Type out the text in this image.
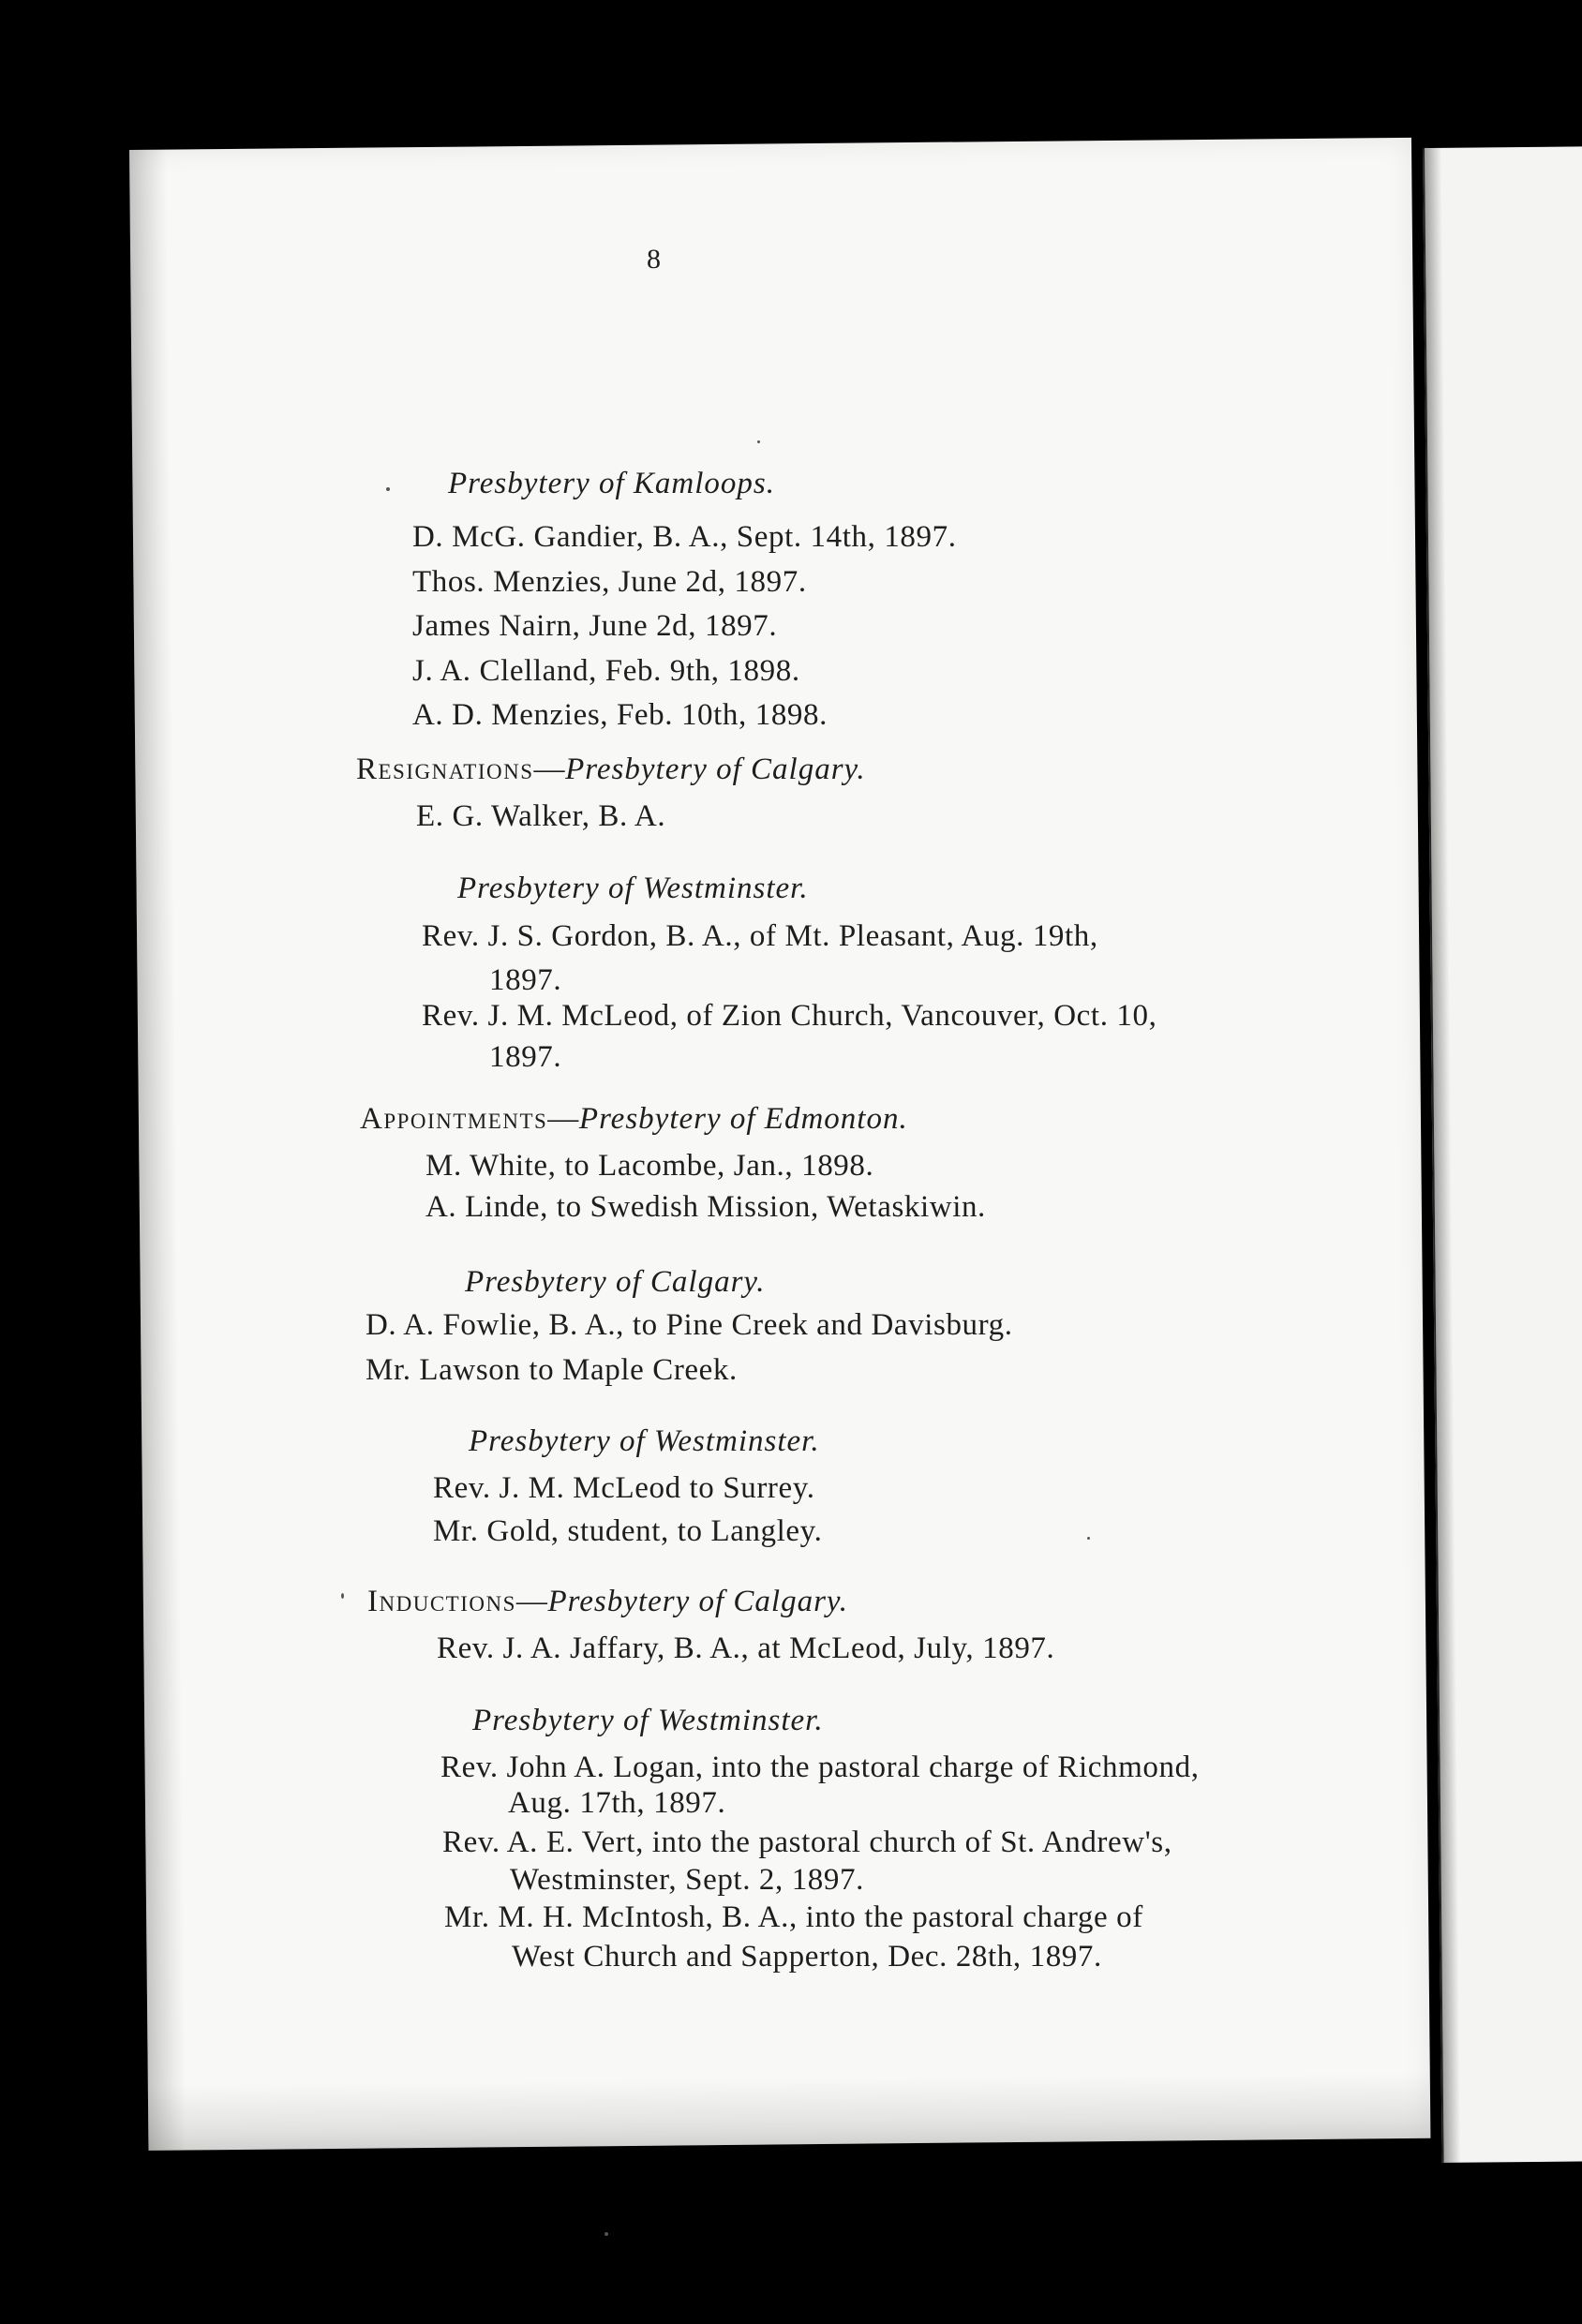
8
Presbytery of Kamloops.
D. McG. Gandier, B. A., Sept. 14th, 1897.
Thos. Menzies, June 2d, 1897.
James Nairn, June 2d, 1897.
J. A. Clelland, Feb. 9th, 1898.
A. D. Menzies, Feb. 10th, 1898.
Resignations—Presbytery of Calgary.
E. G. Walker, B. A.
Presbytery of Westminster.
Rev. J. S. Gordon, B. A., of Mt. Pleasant, Aug. 19th,
1897.
Rev. J. M. McLeod, of Zion Church, Vancouver, Oct. 10,
1897.
Appointments—Presbytery of Edmonton.
M. White, to Lacombe, Jan., 1898.
A. Linde, to Swedish Mission, Wetaskiwin.
Presbytery of Calgary.
D. A. Fowlie, B. A., to Pine Creek and Davisburg.
Mr. Lawson to Maple Creek.
Presbytery of Westminster.
Rev. J. M. McLeod to Surrey.
Mr. Gold, student, to Langley.
Inductions—Presbytery of Calgary.
Rev. J. A. Jaffary, B. A., at McLeod, July, 1897.
Presbytery of Westminster.
Rev. John A. Logan, into the pastoral charge of Richmond,
Aug. 17th, 1897.
Rev. A. E. Vert, into the pastoral church of St. Andrew's,
Westminster, Sept. 2, 1897.
Mr. M. H. McIntosh, B. A., into the pastoral charge of
West Church and Sapperton, Dec. 28th, 1897.
